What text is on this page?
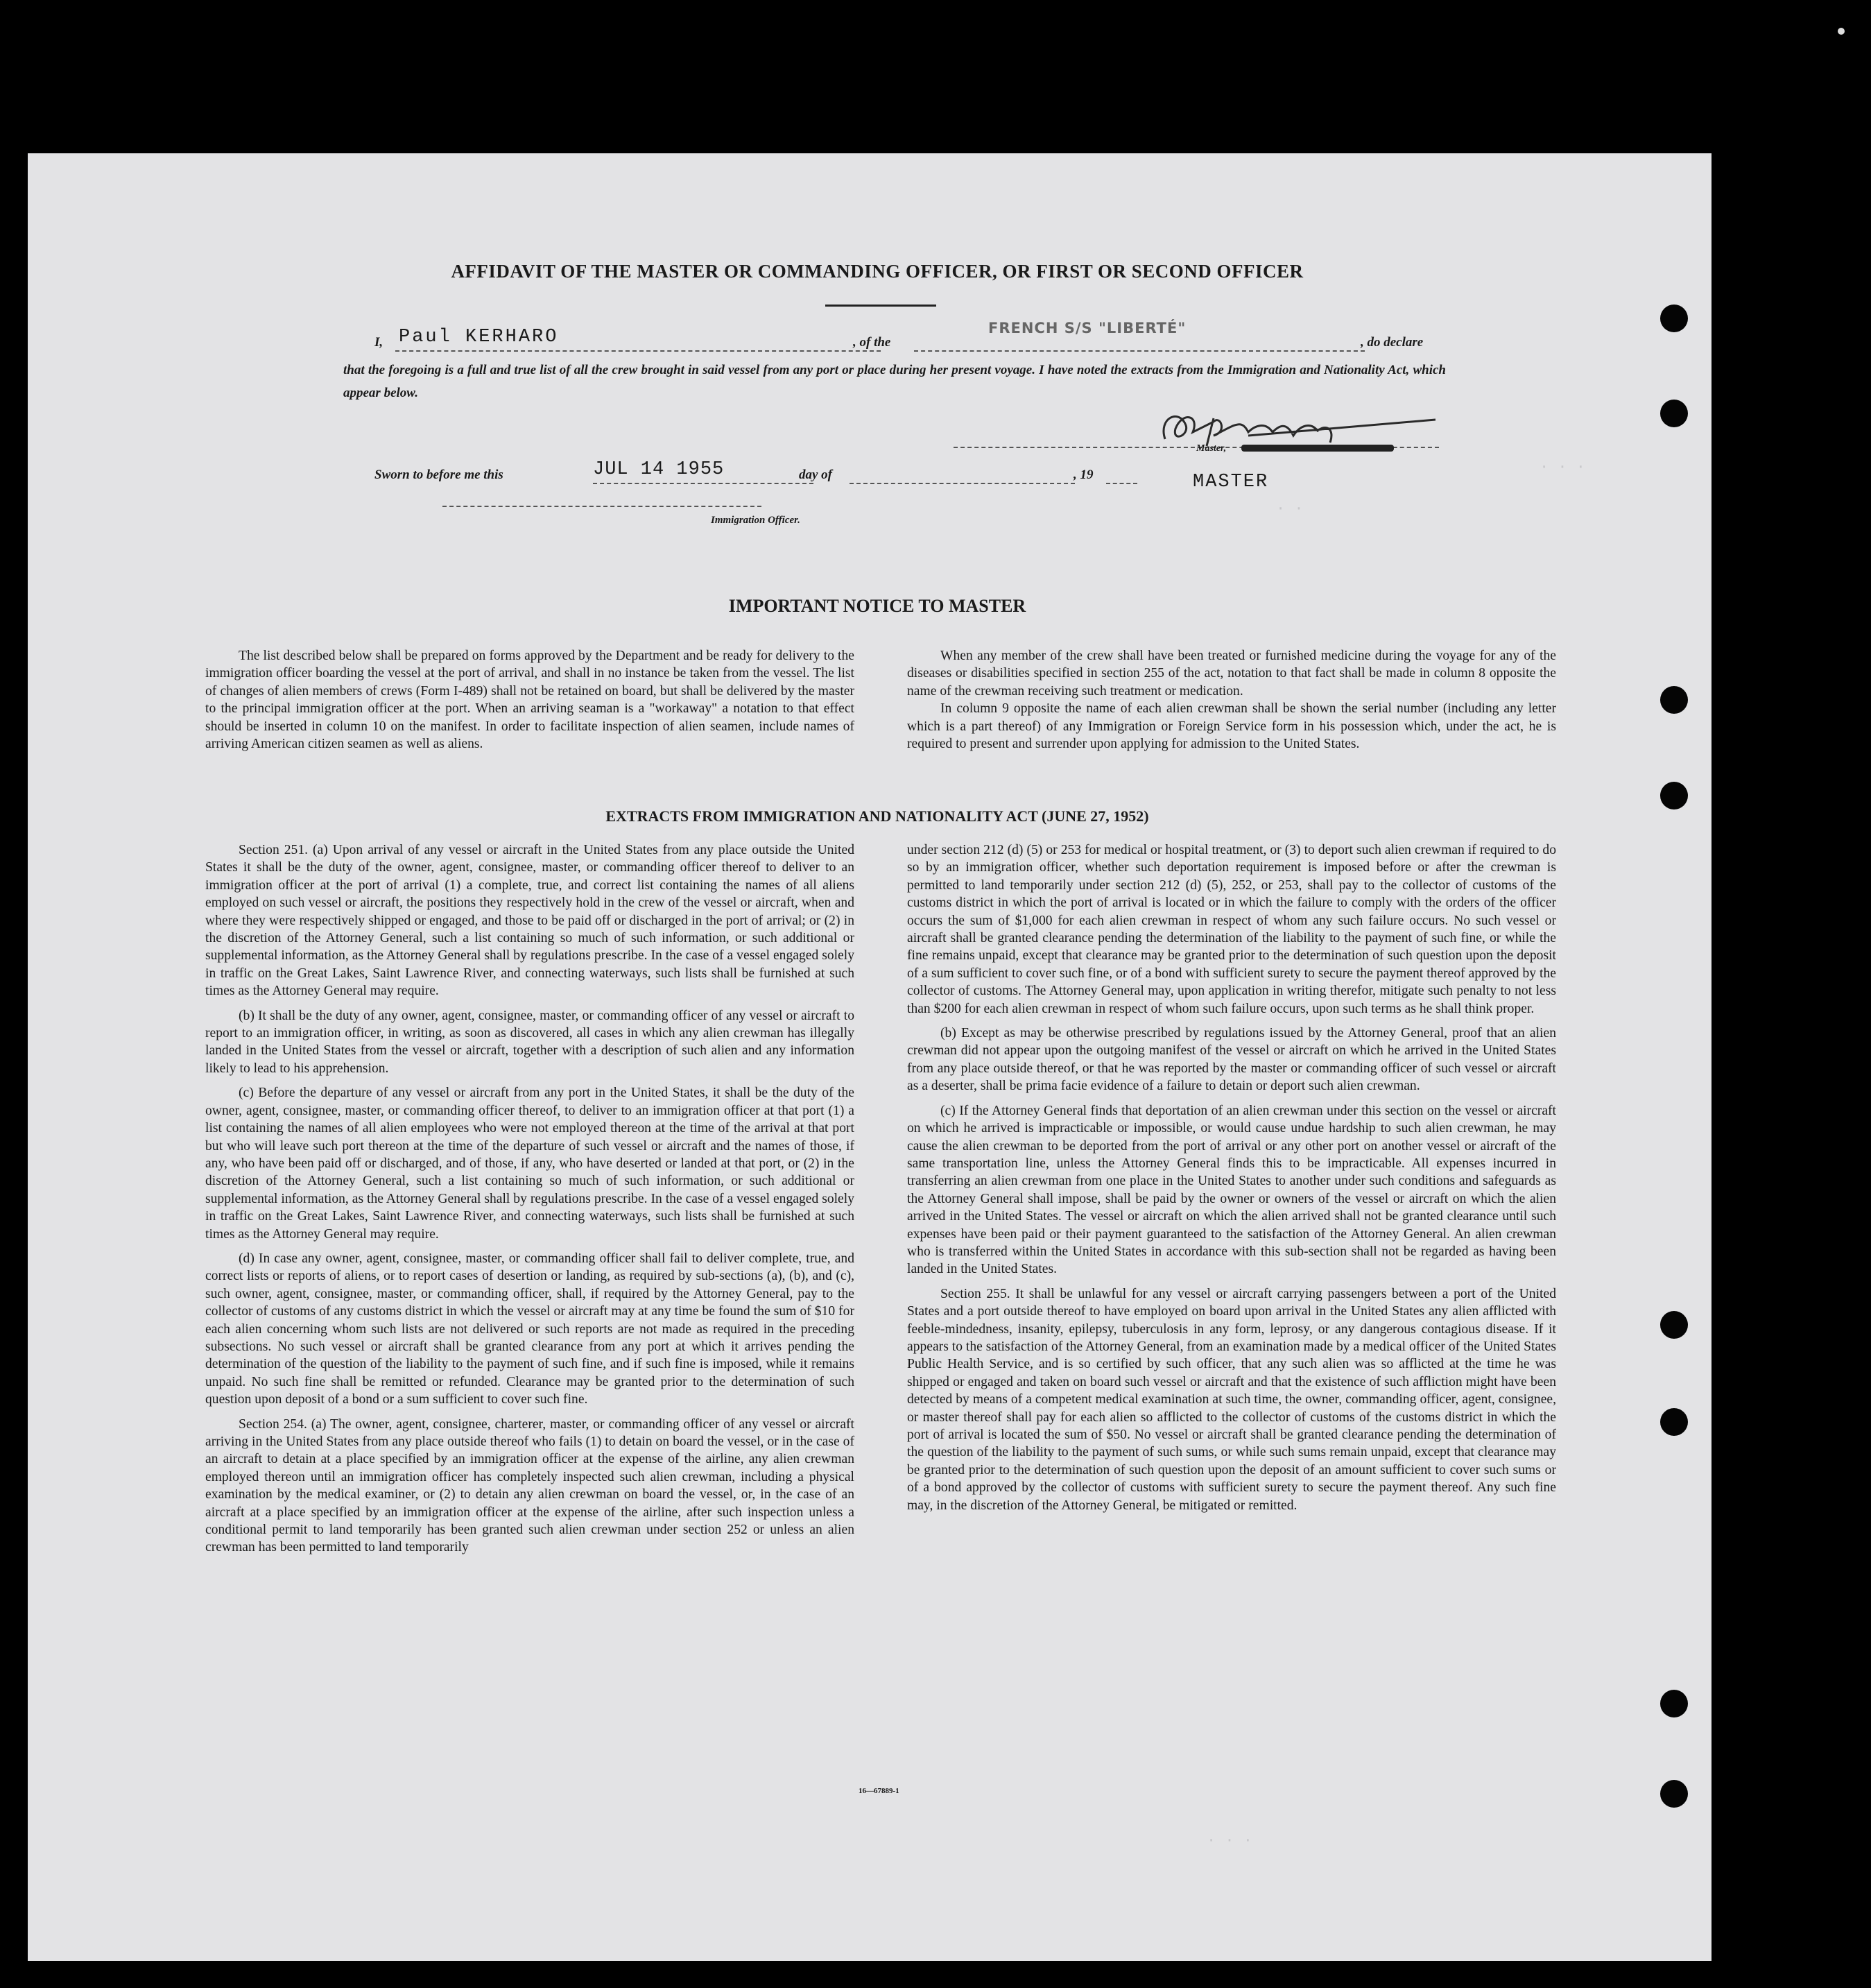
AFFIDAVIT OF THE MASTER OR COMMANDING OFFICER, OR FIRST OR SECOND OFFICER
I, Paul KERHARO	, of the
FRENCH S/S "LIBERTÉ"
, do declare
that the foregoing is a full and true list of all the crew brought in said vessel from any port or place during her present voyage. I have noted the extracts from the Immigration and Nationality Act, which appear below.
Master,
MASTER
Sworn to before me this	JUL 14 1955	day of	, 19
Immigration Officer.
· · ·
· ·
IMPORTANT NOTICE TO MASTER

The list described below shall be prepared on forms approved by the Department and be ready for delivery to the immigration officer boarding the vessel at the port of arrival, and shall in no instance be taken from the vessel. The list of changes of alien members of crews (Form I-489) shall not be retained on board, but shall be delivered by the master to the principal immigration officer at the port. When an arriving seaman is a "workaway" a notation to that effect should be inserted in column 10 on the manifest. In order to facilitate inspection of alien seamen, include names of arriving American citizen seamen as well as aliens.

When any member of the crew shall have been treated or furnished medicine during the voyage for any of the diseases or disabilities specified in section 255 of the act, notation to that fact shall be made in column 8 opposite the name of the crewman receiving such treatment or medication.

In column 9 opposite the name of each alien crewman shall be shown the serial number (including any letter which is a part thereof) of any Immigration or Foreign Service form in his possession which, under the act, he is required to present and surrender upon applying for admission to the United States.

EXTRACTS FROM IMMIGRATION AND NATIONALITY ACT (JUNE 27, 1952)

Section 251. (a) Upon arrival of any vessel or aircraft in the United States from any place outside the United States it shall be the duty of the owner, agent, consignee, master, or commanding officer thereof to deliver to an immigration officer at the port of arrival (1) a complete, true, and correct list containing the names of all aliens employed on such vessel or aircraft, the positions they respectively hold in the crew of the vessel or aircraft, when and where they were respectively shipped or engaged, and those to be paid off or discharged in the port of arrival; or (2) in the discretion of the Attorney General, such a list containing so much of such information, or such additional or supplemental information, as the Attorney General shall by regulations prescribe. In the case of a vessel engaged solely in traffic on the Great Lakes, Saint Lawrence River, and connecting waterways, such lists shall be furnished at such times as the Attorney General may require.

(b) It shall be the duty of any owner, agent, consignee, master, or commanding officer of any vessel or aircraft to report to an immigration officer, in writing, as soon as discovered, all cases in which any alien crewman has illegally landed in the United States from the vessel or aircraft, together with a description of such alien and any information likely to lead to his apprehension.

(c) Before the departure of any vessel or aircraft from any port in the United States, it shall be the duty of the owner, agent, consignee, master, or commanding officer thereof, to deliver to an immigration officer at that port (1) a list containing the names of all alien employees who were not employed thereon at the time of the arrival at that port but who will leave such port thereon at the time of the departure of such vessel or aircraft and the names of those, if any, who have been paid off or discharged, and of those, if any, who have deserted or landed at that port, or (2) in the discretion of the Attorney General, such a list containing so much of such information, or such additional or supplemental information, as the Attorney General shall by regulations prescribe. In the case of a vessel engaged solely in traffic on the Great Lakes, Saint Lawrence River, and connecting waterways, such lists shall be furnished at such times as the Attorney General may require.

(d) In case any owner, agent, consignee, master, or commanding officer shall fail to deliver complete, true, and correct lists or reports of aliens, or to report cases of desertion or landing, as required by sub-sections (a), (b), and (c), such owner, agent, consignee, master, or commanding officer, shall, if required by the Attorney General, pay to the collector of customs of any customs district in which the vessel or aircraft may at any time be found the sum of $10 for each alien concerning whom such lists are not delivered or such reports are not made as required in the preceding subsections. No such vessel or aircraft shall be granted clearance from any port at which it arrives pending the determination of the question of the liability to the payment of such fine, and if such fine is imposed, while it remains unpaid. No such fine shall be remitted or refunded. Clearance may be granted prior to the determination of such question upon deposit of a bond or a sum sufficient to cover such fine.

Section 254. (a) The owner, agent, consignee, charterer, master, or commanding officer of any vessel or aircraft arriving in the United States from any place outside thereof who fails (1) to detain on board the vessel, or in the case of an aircraft to detain at a place specified by an immigration officer at the expense of the airline, any alien crewman employed thereon until an immigration officer has completely inspected such alien crewman, including a physical examination by the medical examiner, or (2) to detain any alien crewman on board the vessel, or, in the case of an aircraft at a place specified by an immigration officer at the expense of the airline, after such inspection unless a conditional permit to land temporarily has been granted such alien crewman under section 252 or unless an alien crewman has been permitted to land temporarily

under section 212 (d) (5) or 253 for medical or hospital treatment, or (3) to deport such alien crewman if required to do so by an immigration officer, whether such deportation requirement is imposed before or after the crewman is permitted to land temporarily under section 212 (d) (5), 252, or 253, shall pay to the collector of customs of the customs district in which the port of arrival is located or in which the failure to comply with the orders of the officer occurs the sum of $1,000 for each alien crewman in respect of whom any such failure occurs. No such vessel or aircraft shall be granted clearance pending the determination of the liability to the payment of such fine, or while the fine remains unpaid, except that clearance may be granted prior to the determination of such question upon the deposit of a sum sufficient to cover such fine, or of a bond with sufficient surety to secure the payment thereof approved by the collector of customs. The Attorney General may, upon application in writing therefor, mitigate such penalty to not less than $200 for each alien crewman in respect of whom such failure occurs, upon such terms as he shall think proper.

(b) Except as may be otherwise prescribed by regulations issued by the Attorney General, proof that an alien crewman did not appear upon the outgoing manifest of the vessel or aircraft on which he arrived in the United States from any place outside thereof, or that he was reported by the master or commanding officer of such vessel or aircraft as a deserter, shall be prima facie evidence of a failure to detain or deport such alien crewman.

(c) If the Attorney General finds that deportation of an alien crewman under this section on the vessel or aircraft on which he arrived is impracticable or impossible, or would cause undue hardship to such alien crewman, he may cause the alien crewman to be deported from the port of arrival or any other port on another vessel or aircraft of the same transportation line, unless the Attorney General finds this to be impracticable. All expenses incurred in transferring an alien crewman from one place in the United States to another under such conditions and safeguards as the Attorney General shall impose, shall be paid by the owner or owners of the vessel or aircraft on which the alien arrived in the United States. The vessel or aircraft on which the alien arrived shall not be granted clearance until such expenses have been paid or their payment guaranteed to the satisfaction of the Attorney General. An alien crewman who is transferred within the United States in accordance with this sub-section shall not be regarded as having been landed in the United States.

Section 255. It shall be unlawful for any vessel or aircraft carrying passengers between a port of the United States and a port outside thereof to have employed on board upon arrival in the United States any alien afflicted with feeble-mindedness, insanity, epilepsy, tuberculosis in any form, leprosy, or any dangerous contagious disease. If it appears to the satisfaction of the Attorney General, from an examination made by a medical officer of the United States Public Health Service, and is so certified by such officer, that any such alien was so afflicted at the time he was shipped or engaged and taken on board such vessel or aircraft and that the existence of such affliction might have been detected by means of a competent medical examination at such time, the owner, commanding officer, agent, consignee, or master thereof shall pay for each alien so afflicted to the collector of customs of the customs district in which the port of arrival is located the sum of $50. No vessel or aircraft shall be granted clearance pending the determination of the question of the liability to the payment of such sums, or while such sums remain unpaid, except that clearance may be granted prior to the determination of such question upon the deposit of an amount sufficient to cover such sums or of a bond approved by the collector of customs with sufficient surety to secure the payment thereof. Any such fine may, in the discretion of the Attorney General, be mitigated or remitted.

16—67889-1
· · ·
